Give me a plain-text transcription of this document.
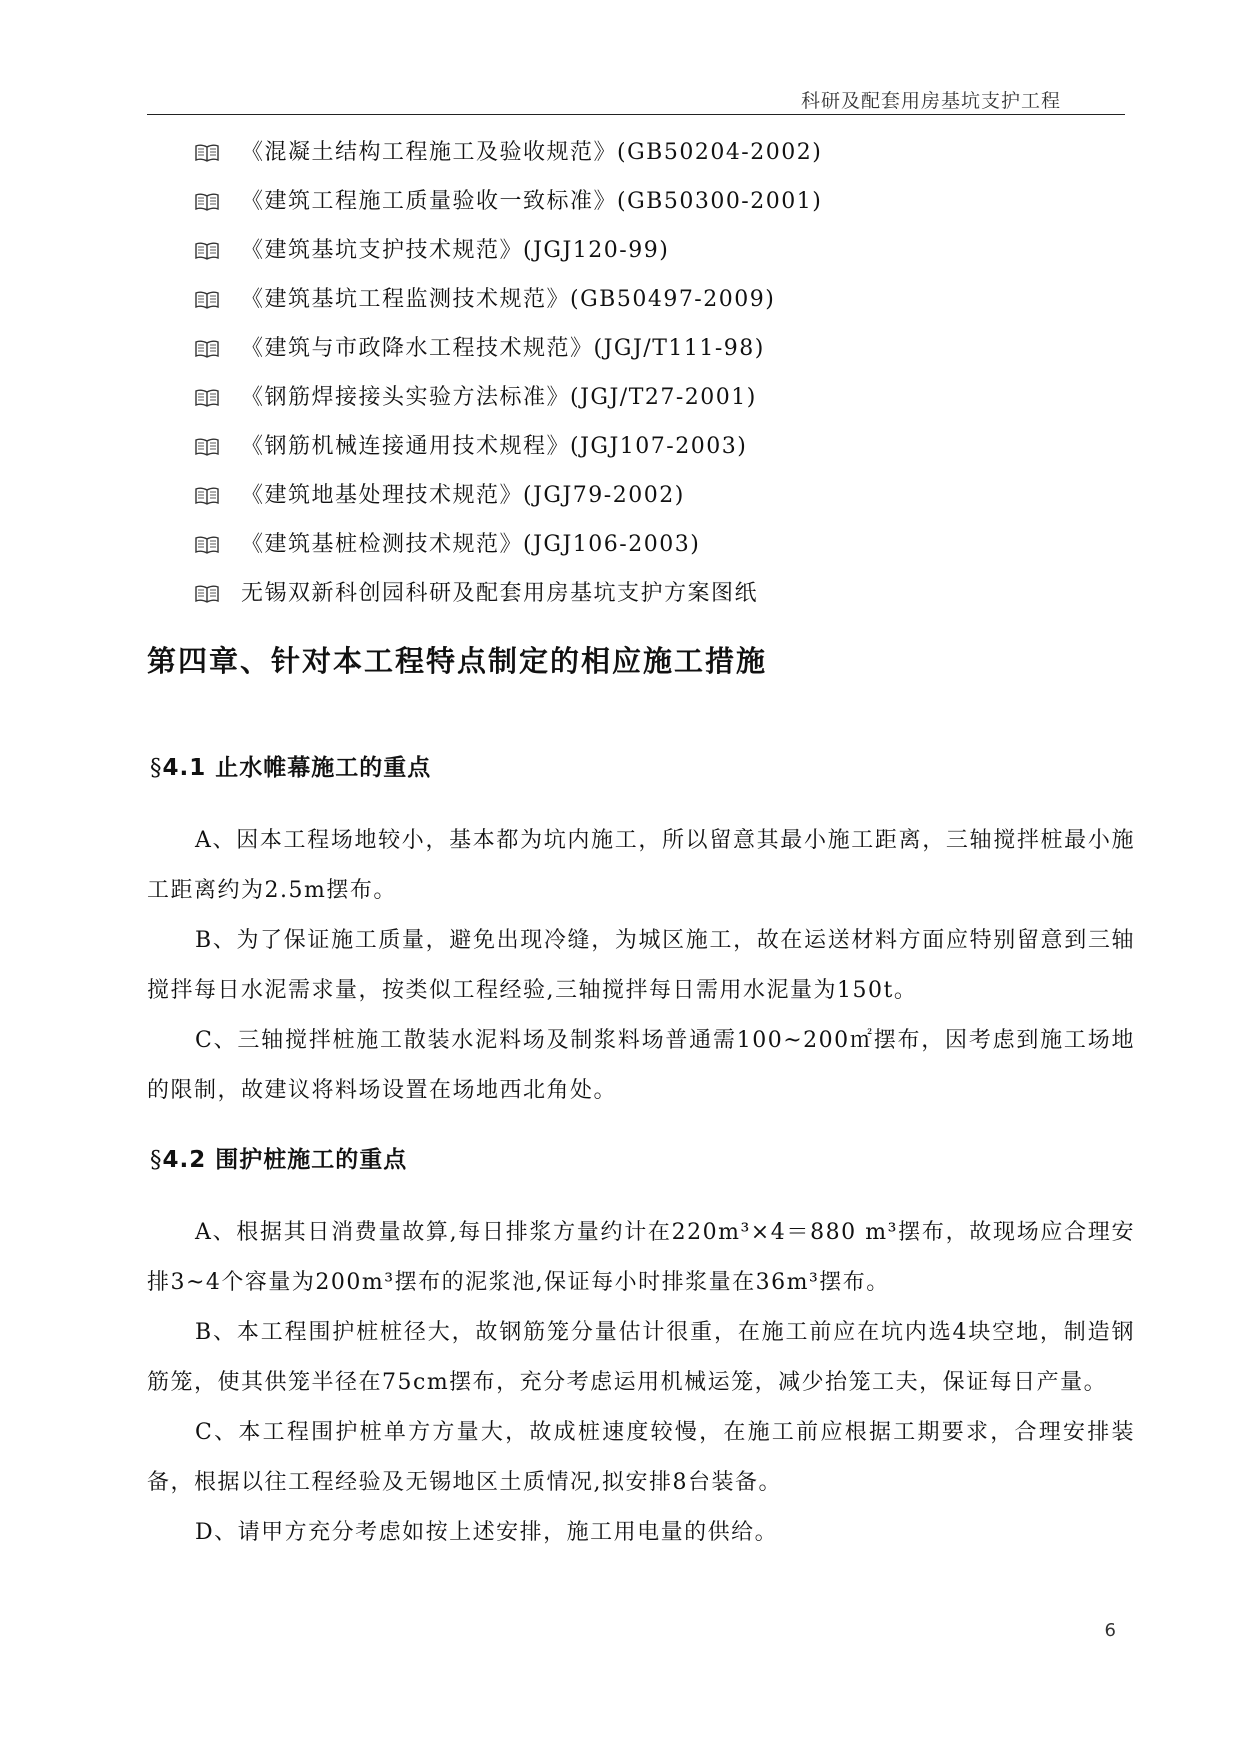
科研及配套用房基坑支护工程
《混凝土结构工程施工及验收规范》(GB50204-2002)
《建筑工程施工质量验收一致标准》(GB50300-2001)
《建筑基坑支护技术规范》(JGJ120-99)
《建筑基坑工程监测技术规范》(GB50497-2009)
《建筑与市政降水工程技术规范》(JGJ/T111-98)
《钢筋焊接接头实验方法标准》(JGJ/T27-2001)
《钢筋机械连接通用技术规程》(JGJ107-2003)
《建筑地基处理技术规范》(JGJ79-2002)
《建筑基桩检测技术规范》(JGJ106-2003)
无锡双新科创园科研及配套用房基坑支护方案图纸
第四章、针对本工程特点制定的相应施工措施
§4.1 止水帷幕施工的重点

A、因本工程场地较小，基本都为坑内施工，所以留意其最小施工距离，三轴搅拌桩最小施工距离约为2.5m摆布。

B、为了保证施工质量，避免出现冷缝，为城区施工，故在运送材料方面应特别留意到三轴搅拌每日水泥需求量，按类似工程经验,三轴搅拌每日需用水泥量为150t。

C、三轴搅拌桩施工散装水泥料场及制浆料场普通需100~200㎡摆布，因考虑到施工场地的限制，故建议将料场设置在场地西北角处。

§4.2 围护桩施工的重点

A、根据其日消费量故算,每日排浆方量约计在220m³×4＝880 m³摆布，故现场应合理安排3~4个容量为200m³摆布的泥浆池,保证每小时排浆量在36m³摆布。

B、本工程围护桩桩径大，故钢筋笼分量估计很重，在施工前应在坑内选4块空地，制造钢筋笼，使其供笼半径在75cm摆布，充分考虑运用机械运笼，减少抬笼工夫，保证每日产量。

C、本工程围护桩单方方量大，故成桩速度较慢，在施工前应根据工期要求，合理安排装备，根据以往工程经验及无锡地区土质情况,拟安排8台装备。

D、请甲方充分考虑如按上述安排，施工用电量的供给。

6
